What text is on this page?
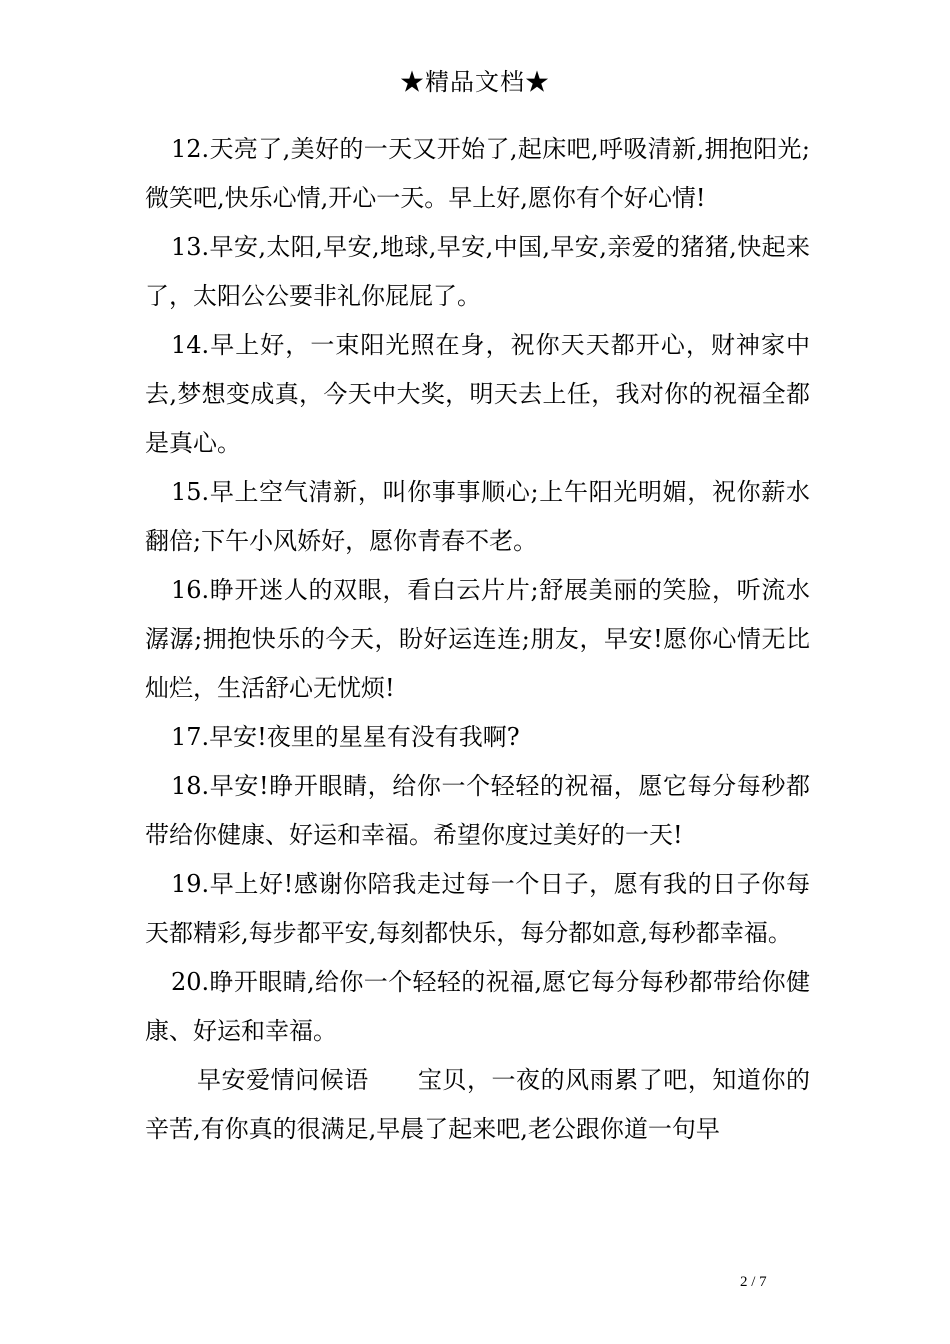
★精品文档★

12.天亮了,美好的一天又开始了,起床吧,呼吸清新,拥抱阳光;微笑吧,快乐心情,开心一天。早上好,愿你有个好心情!

13.早安,太阳,早安,地球,早安,中国,早安,亲爱的猪猪,快起来了，太阳公公要非礼你屁屁了。

14.早上好，一束阳光照在身，祝你天天都开心，财神家中去,梦想变成真，今天中大奖，明天去上任，我对你的祝福全都是真心。

15.早上空气清新，叫你事事顺心;上午阳光明媚，祝你薪水翻倍;下午小风娇好，愿你青春不老。

16.睁开迷人的双眼，看白云片片;舒展美丽的笑脸，听流水潺潺;拥抱快乐的今天，盼好运连连;朋友，早安!愿你心情无比灿烂，生活舒心无忧烦!

17.早安!夜里的星星有没有我啊?

18.早安!睁开眼睛，给你一个轻轻的祝福，愿它每分每秒都带给你健康、好运和幸福。希望你度过美好的一天!

19.早上好!感谢你陪我走过每一个日子，愿有我的日子你每天都精彩,每步都平安,每刻都快乐，每分都如意,每秒都幸福。

20.睁开眼睛,给你一个轻轻的祝福,愿它每分每秒都带给你健康、好运和幸福。

早安爱情问候语　　宝贝，一夜的风雨累了吧，知道你的辛苦,有你真的很满足,早晨了起来吧,老公跟你道一句早

2 / 7
